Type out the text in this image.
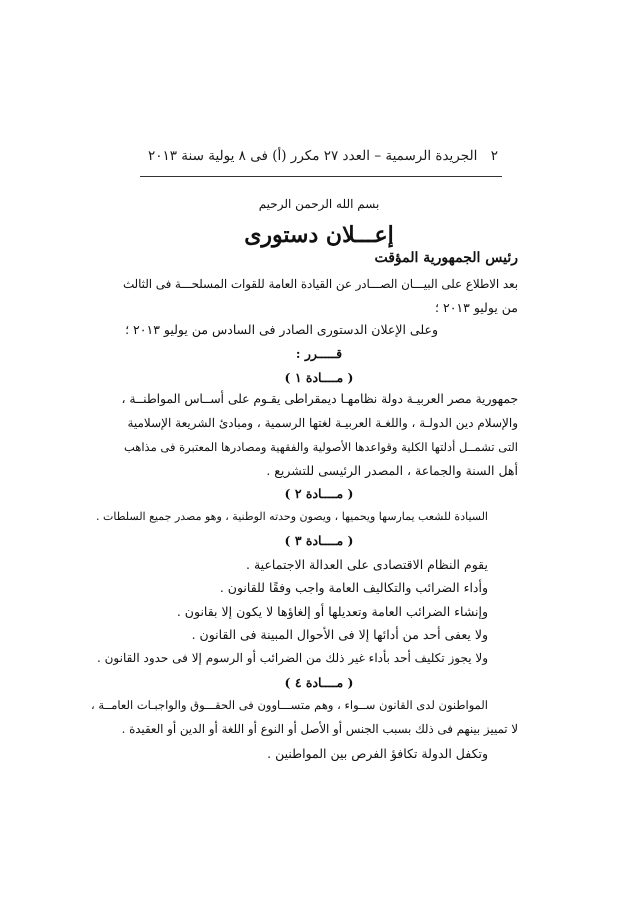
٢
الجريدة الرسمية – العدد ٢٧ مكرر (أ) فى ٨ يولية سنة ٢٠١٣
بسم الله الرحمن الرحيم
إعـــلان دستورى
رئيس الجمهورية المؤقت
بعد الاطلاع على البيـــان الصـــادر عن القيادة العامة للقوات المسلحـــة فى الثالث
من يوليو ٢٠١٣ ؛
وعلى الإعلان الدستورى الصادر فى السادس من يوليو ٢٠١٣ ؛
قـــــرر :
( مــــادة ١ )
جمهورية مصر العربيـة دولة نظامهـا ديمقراطى يقـوم على أســاس المواطنــة ،
والإسلام دين الدولـة ، واللغـة العربيـة لغتها الرسمية ، ومبادئ الشريعة الإسلامية
التى تشمــل أدلتها الكلية وقواعدها الأصولية والفقهية ومصادرها المعتبرة فى مذاهب
أهل السنة والجماعة ، المصدر الرئيسى للتشريع .
( مــــادة ٢ )
السيادة للشعب يمارسها ويحميها ، ويصون وحدته الوطنية ، وهو مصدر جميع السلطات .
( مــــادة ٣ )
يقوم النظام الاقتصادى على العدالة الاجتماعية .
وأداء الضرائب والتكاليف العامة واجب وفقًا للقانون .
وإنشاء الضرائب العامة وتعديلها أو إلغاؤها لا يكون إلا بقانون .
ولا يعفى أحد من أدائها إلا فى الأحوال المبينة فى القانون .
ولا يجوز تكليف أحد بأداء غير ذلك من الضرائب أو الرسوم إلا فى حدود القانون .
( مــــادة ٤ )
المواطنون لدى القانون ســواء ، وهم متســـاوون فى الحقـــوق والواجبـات العامــة ،
لا تمييز بينهم فى ذلك بسبب الجنس أو الأصل أو النوع أو اللغة أو الدين أو العقيدة .
وتكفل الدولة تكافؤ الفرص بين المواطنين .
